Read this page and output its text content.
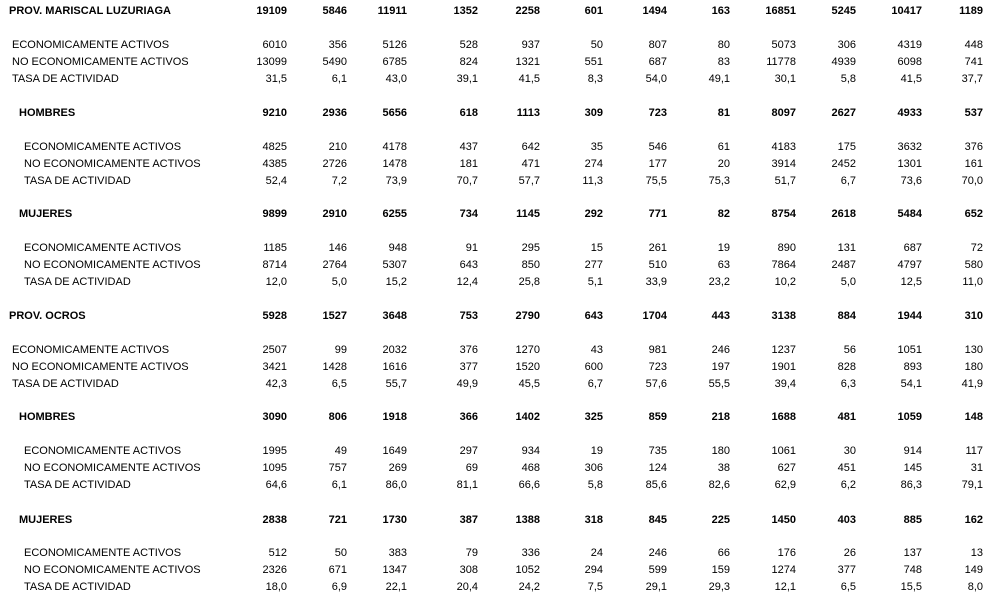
PROV. MARISCAL LUZURIAGA	19109	5846	11911	1352	2258	601	1494	163	16851	5245	10417	1189
ECONOMICAMENTE ACTIVOS	6010	356	5126	528	937	50	807	80	5073	306	4319	448
NO ECONOMICAMENTE ACTIVOS	13099	5490	6785	824	1321	551	687	83	11778	4939	6098	741
TASA DE ACTIVIDAD	31,5	6,1	43,0	39,1	41,5	8,3	54,0	49,1	30,1	5,8	41,5	37,7
HOMBRES	9210	2936	5656	618	1113	309	723	81	8097	2627	4933	537
ECONOMICAMENTE ACTIVOS	4825	210	4178	437	642	35	546	61	4183	175	3632	376
NO ECONOMICAMENTE ACTIVOS	4385	2726	1478	181	471	274	177	20	3914	2452	1301	161
TASA DE ACTIVIDAD	52,4	7,2	73,9	70,7	57,7	11,3	75,5	75,3	51,7	6,7	73,6	70,0
MUJERES	9899	2910	6255	734	1145	292	771	82	8754	2618	5484	652
ECONOMICAMENTE ACTIVOS	1185	146	948	91	295	15	261	19	890	131	687	72
NO ECONOMICAMENTE ACTIVOS	8714	2764	5307	643	850	277	510	63	7864	2487	4797	580
TASA DE ACTIVIDAD	12,0	5,0	15,2	12,4	25,8	5,1	33,9	23,2	10,2	5,0	12,5	11,0
PROV. OCROS	5928	1527	3648	753	2790	643	1704	443	3138	884	1944	310
ECONOMICAMENTE ACTIVOS	2507	99	2032	376	1270	43	981	246	1237	56	1051	130
NO ECONOMICAMENTE ACTIVOS	3421	1428	1616	377	1520	600	723	197	1901	828	893	180
TASA DE ACTIVIDAD	42,3	6,5	55,7	49,9	45,5	6,7	57,6	55,5	39,4	6,3	54,1	41,9
HOMBRES	3090	806	1918	366	1402	325	859	218	1688	481	1059	148
ECONOMICAMENTE ACTIVOS	1995	49	1649	297	934	19	735	180	1061	30	914	117
NO ECONOMICAMENTE ACTIVOS	1095	757	269	69	468	306	124	38	627	451	145	31
TASA DE ACTIVIDAD	64,6	6,1	86,0	81,1	66,6	5,8	85,6	82,6	62,9	6,2	86,3	79,1
MUJERES	2838	721	1730	387	1388	318	845	225	1450	403	885	162
ECONOMICAMENTE ACTIVOS	512	50	383	79	336	24	246	66	176	26	137	13
NO ECONOMICAMENTE ACTIVOS	2326	671	1347	308	1052	294	599	159	1274	377	748	149
TASA DE ACTIVIDAD	18,0	6,9	22,1	20,4	24,2	7,5	29,1	29,3	12,1	6,5	15,5	8,0
